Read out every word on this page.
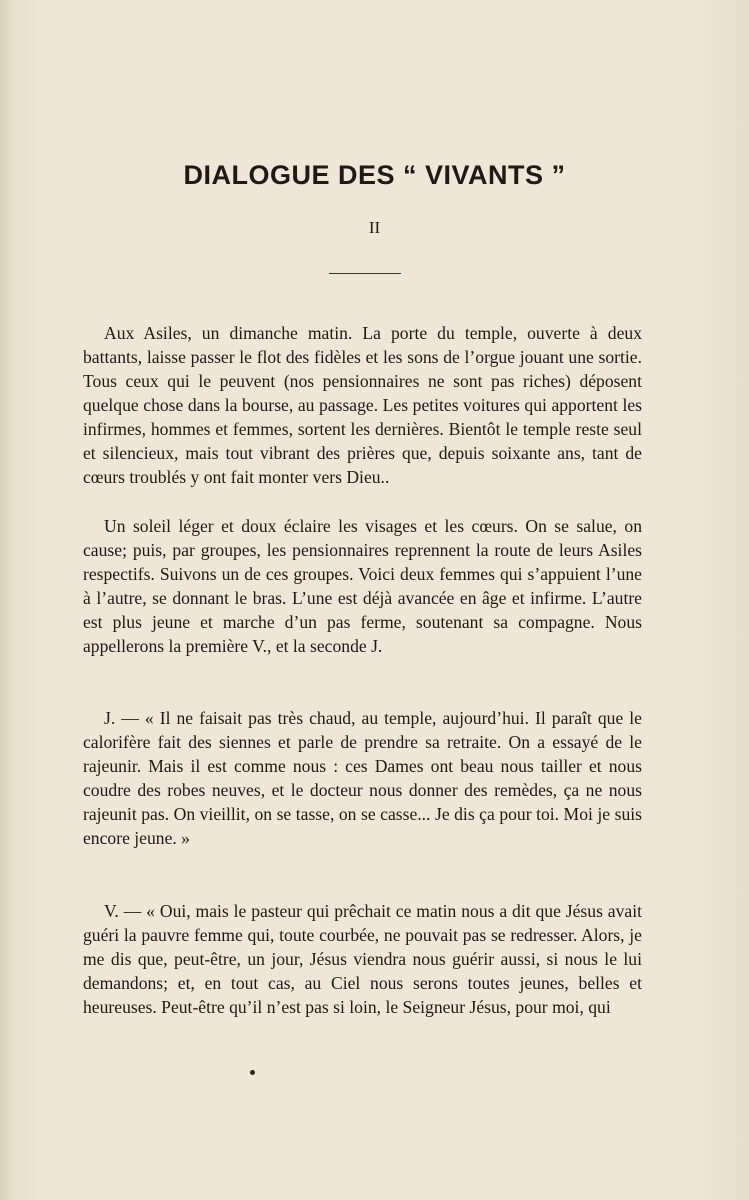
DIALOGUE DES “ VIVANTS ”
II

Aux Asiles, un dimanche matin. La porte du temple, ouverte à deux battants, laisse passer le flot des fidèles et les sons de l’orgue jouant une sortie. Tous ceux qui le peuvent (nos pensionnaires ne sont pas riches) déposent quelque chose dans la bourse, au passage. Les petites voitures qui apportent les infirmes, hommes et femmes, sortent les dernières. Bientôt le temple reste seul et silencieux, mais tout vibrant des prières que, depuis soixante ans, tant de cœurs troublés y ont fait monter vers Dieu..

Un soleil léger et doux éclaire les visages et les cœurs. On se salue, on cause; puis, par groupes, les pensionnaires reprennent la route de leurs Asiles respectifs. Suivons un de ces groupes. Voici deux femmes qui s’appuient l’une à l’autre, se donnant le bras. L’une est déjà avancée en âge et infirme. L’autre est plus jeune et marche d’un pas ferme, soutenant sa compagne. Nous appellerons la première V., et la seconde J.

J. — « Il ne faisait pas très chaud, au temple, aujourd’hui. Il paraît que le calorifère fait des siennes et parle de prendre sa retraite. On a essayé de le rajeunir. Mais il est comme nous : ces Dames ont beau nous tailler et nous coudre des robes neuves, et le docteur nous donner des remèdes, ça ne nous rajeunit pas. On vieillit, on se tasse, on se casse... Je dis ça pour toi. Moi je suis encore jeune. »

V. — « Oui, mais le pasteur qui prêchait ce matin nous a dit que Jésus avait guéri la pauvre femme qui, toute courbée, ne pouvait pas se redresser. Alors, je me dis que, peut-être, un jour, Jésus viendra nous guérir aussi, si nous le lui demandons; et, en tout cas, au Ciel nous serons toutes jeunes, belles et heureuses. Peut-être qu’il n’est pas si loin, le Seigneur Jésus, pour moi, qui
